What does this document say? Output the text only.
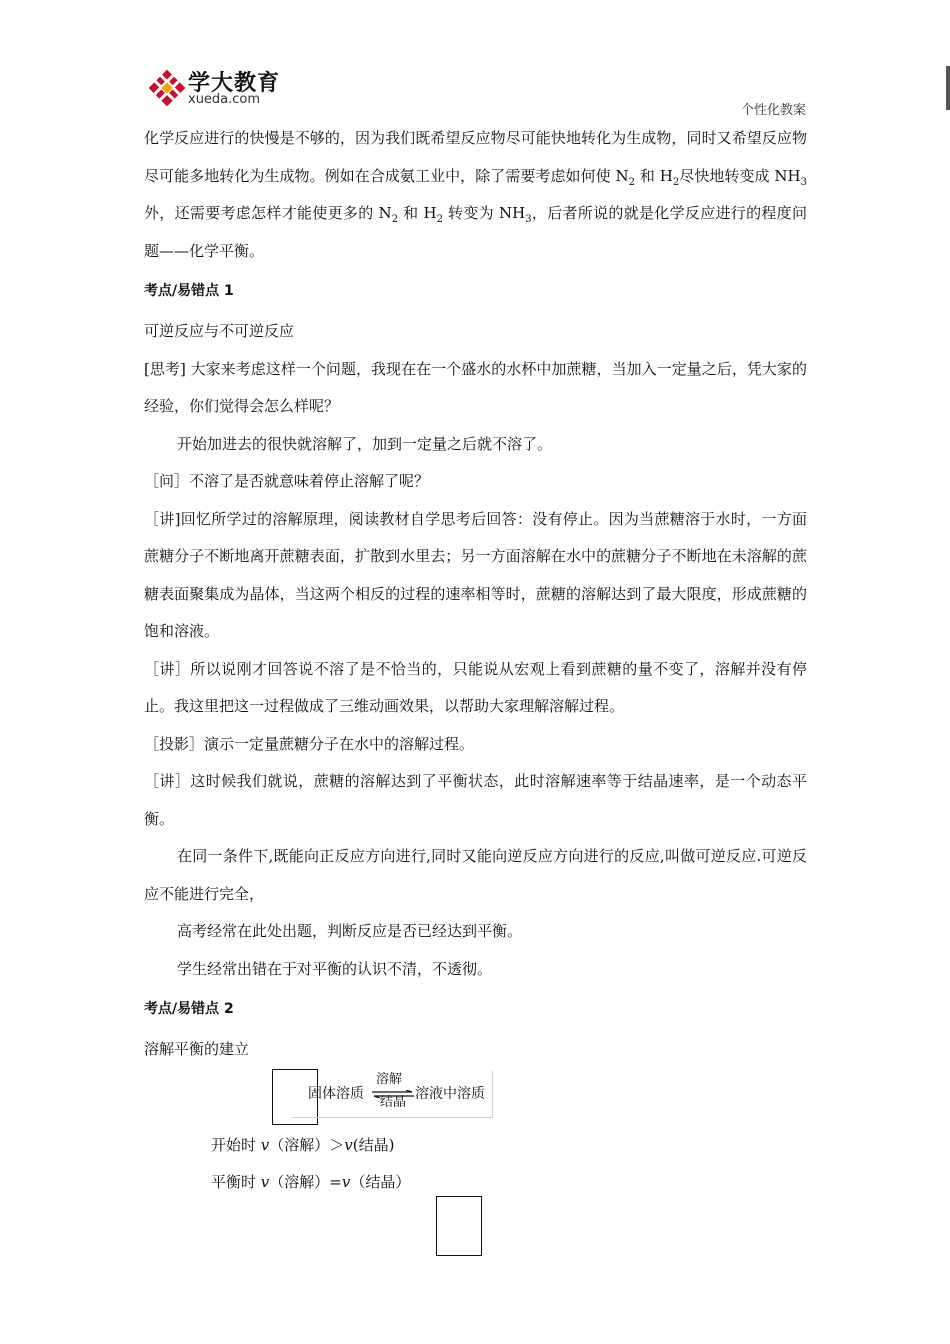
学大教育
xueda.com
个性化教案

化学反应进行的快慢是不够的，因为我们既希望反应物尽可能快地转化为生成物，同时又希望反应物尽可能多地转化为生成物。例如在合成氨工业中，除了需要考虑如何使 $N_2$ 和 $H_2$尽快地转变成 $NH_3$ 外，还需要考虑怎样才能使更多的 $N_2$ 和 $H_2$ 转变为 $NH_3$，后者所说的就是化学反应进行的程度问题——化学平衡。

考点/易错点 1

可逆反应与不可逆反应

[思考] 大家来考虑这样一个问题，我现在在一个盛水的水杯中加蔗糖，当加入一定量之后，凭大家的经验，你们觉得会怎么样呢？

开始加进去的很快就溶解了，加到一定量之后就不溶了。

［问］不溶了是否就意味着停止溶解了呢？

［讲]回忆所学过的溶解原理，阅读教材自学思考后回答：没有停止。因为当蔗糖溶于水时，一方面蔗糖分子不断地离开蔗糖表面，扩散到水里去；另一方面溶解在水中的蔗糖分子不断地在未溶解的蔗糖表面聚集成为晶体，当这两个相反的过程的速率相等时，蔗糖的溶解达到了最大限度，形成蔗糖的饱和溶液。

［讲］所以说刚才回答说不溶了是不恰当的，只能说从宏观上看到蔗糖的量不变了，溶解并没有停止。我这里把这一过程做成了三维动画效果，以帮助大家理解溶解过程。

［投影］演示一定量蔗糖分子在水中的溶解过程。

［讲］这时候我们就说，蔗糖的溶解达到了平衡状态，此时溶解速率等于结晶速率，是一个动态平衡。

在同一条件下,既能向正反应方向进行,同时又能向逆反应方向进行的反应,叫做可逆反应.可逆反应不能进行完全，

高考经常在此处出题，判断反应是否已经达到平衡。

学生经常出错在于对平衡的认识不清，不透彻。

考点/易错点 2

溶解平衡的建立

固体溶质
溶解
结晶
溶液中溶质

开始时 v（溶解）＞v(结晶)

平衡时 v（溶解）=v（结晶）
